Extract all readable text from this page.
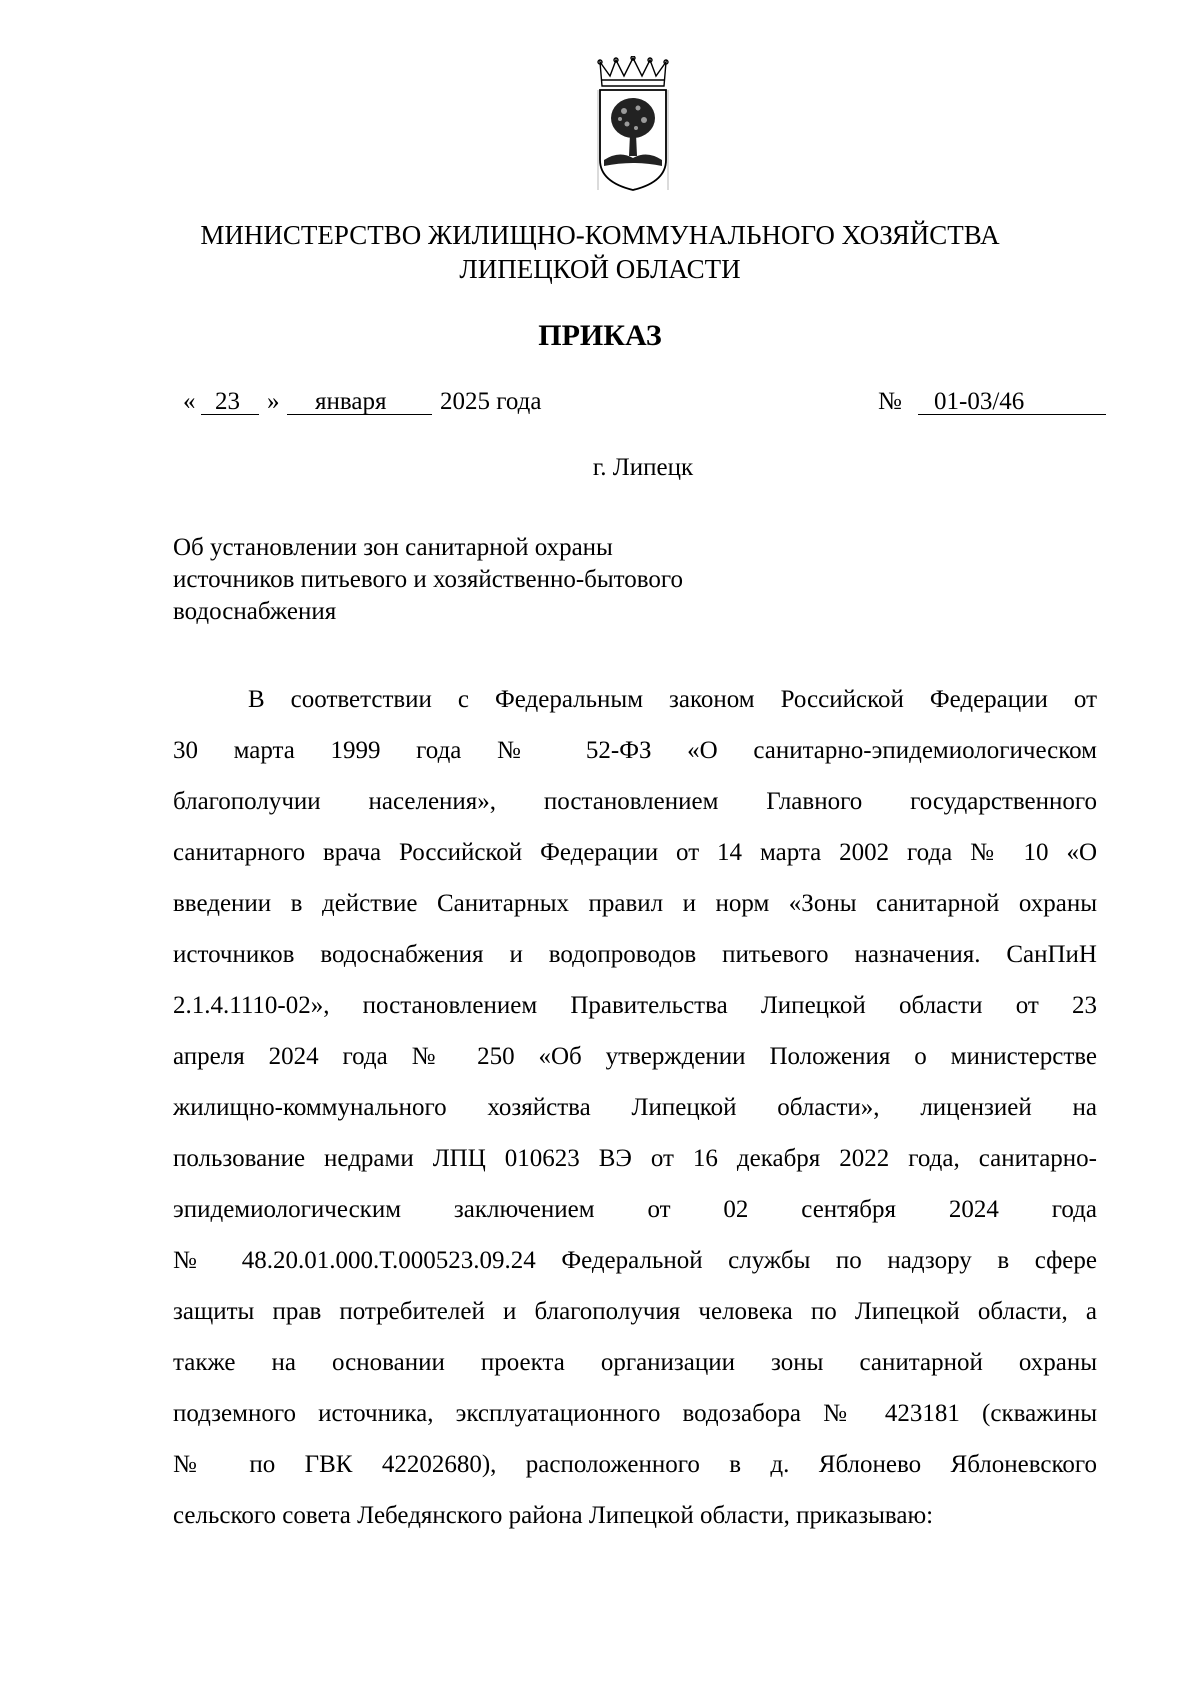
МИНИСТЕРСТВО ЖИЛИЩНО-КОММУНАЛЬНОГО ХОЗЯЙСТВА
ЛИПЕЦКОЙ ОБЛАСТИ
ПРИКАЗ
« 23 » января 2025 года	№ 01-03/46
г. Липецк
Об установлении зон санитарной охраны
источников питьевого и хозяйственно-бытового
водоснабжения
В соответствии с Федеральным законом Российской Федерации от
30 марта 1999 года № 52-ФЗ «О санитарно-эпидемиологическом
благополучии населения», постановлением Главного государственного
санитарного врача Российской Федерации от 14 марта 2002 года № 10 «О
введении в действие Санитарных правил и норм «Зоны санитарной охраны
источников водоснабжения и водопроводов питьевого назначения. СанПиН
2.1.4.1110-02», постановлением Правительства Липецкой области от 23
апреля 2024 года № 250 «Об утверждении Положения о министерстве
жилищно-коммунального хозяйства Липецкой области», лицензией на
пользование недрами ЛПЦ 010623 ВЭ от 16 декабря 2022 года, санитарно-
эпидемиологическим заключением от 02 сентября 2024 года
№ 48.20.01.000.Т.000523.09.24 Федеральной службы по надзору в сфере
защиты прав потребителей и благополучия человека по Липецкой области, а
также на основании проекта организации зоны санитарной охраны
подземного источника, эксплуатационного водозабора № 423181 (скважины
№ по ГВК 42202680), расположенного в д. Яблонево Яблоневского
сельского совета Лебедянского района Липецкой области, приказываю:
